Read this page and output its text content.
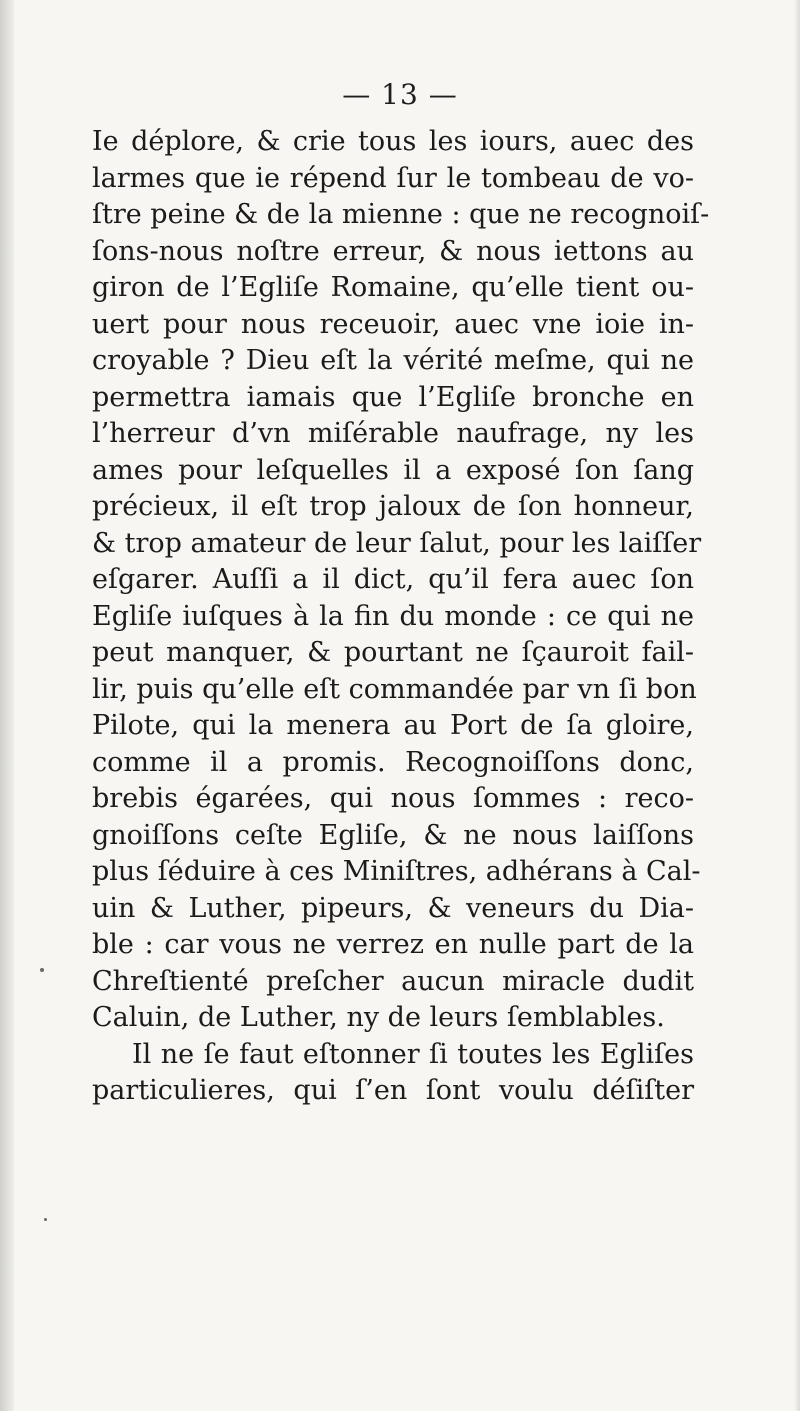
— 13 —
Ie déplore, & crie tous les iours, auec des
larmes que ie répend ſur le tombeau de vo-
ſtre peine & de la mienne : que ne recognoiſ-
ſons-nous noſtre erreur, & nous iettons au
giron de l’Egliſe Romaine, qu’elle tient ou-
uert pour nous receuoir, auec vne ioie in-
croyable ? Dieu eſt la vérité meſme, qui ne
permettra iamais que l’Egliſe bronche en
l’herreur d’vn miſérable naufrage, ny les
ames pour leſquelles il a exposé ſon ſang
précieux, il eſt trop jaloux de ſon honneur,
& trop amateur de leur ſalut, pour les laiſſer
eſgarer. Auſſi a il dict, qu’il fera auec ſon
Egliſe iuſques à la fin du monde : ce qui ne
peut manquer, & pourtant ne ſçauroit fail-
lir, puis qu’elle eſt commandée par vn ſi bon
Pilote, qui la menera au Port de ſa gloire,
comme il a promis. Recognoiſſons donc,
brebis égarées, qui nous ſommes : reco-
gnoiſſons ceſte Egliſe, & ne nous laiſſons
plus ſéduire à ces Miniſtres, adhérans à Cal-
uin & Luther, pipeurs, & veneurs du Dia-
ble : car vous ne verrez en nulle part de la
Chreſtienté preſcher aucun miracle dudit
Caluin, de Luther, ny de leurs ſemblables.
Il ne ſe faut eſtonner ſi toutes les Egliſes
particulieres, qui ſ’en ſont voulu déſiſter
